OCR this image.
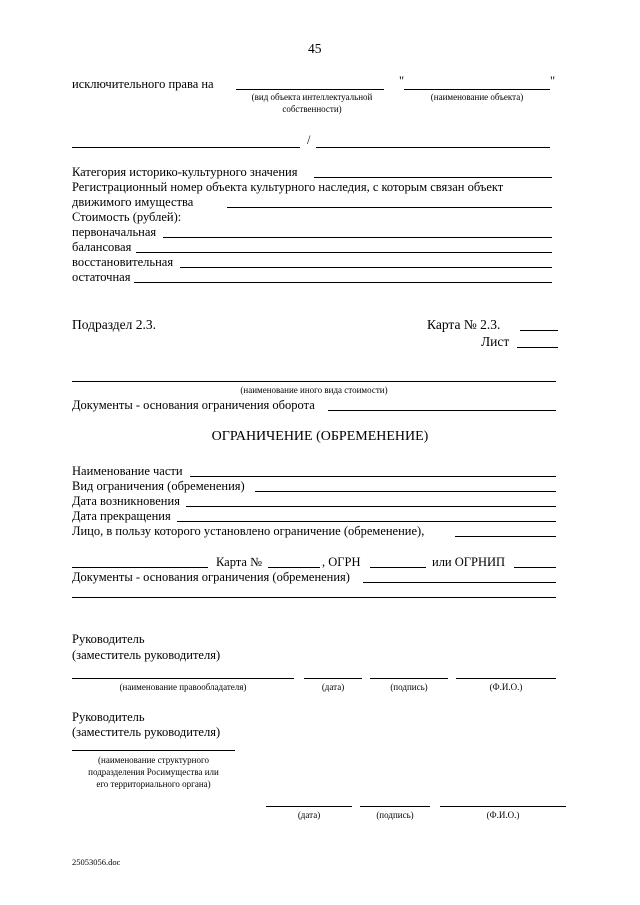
45
исключительного права на	"	"
(вид объекта интеллектуальной
собственности)
(наименование объекта)
/
Категория историко-культурного значения
Регистрационный номер объекта культурного наследия, с которым связан объект
движимого имущества
Стоимость (рублей):
первоначальная
балансовая
восстановительная
остаточная
Подраздел 2.3.	Карта № 2.3.
Лист
(наименование иного вида стоимости)
Документы - основания ограничения оборота
ОГРАНИЧЕНИЕ (ОБРЕМЕНЕНИЕ)
Наименование части
Вид ограничения (обременения)
Дата возникновения
Дата прекращения
Лицо, в пользу которого установлено ограничение (обременение),
Карта №	, ОГРН	или ОГРНИП
Документы - основания ограничения (обременения)
Руководитель
(заместитель руководителя)
(наименование правообладателя)	(дата)	(подпись)	(Ф.И.О.)
Руководитель
(заместитель руководителя)
(наименование структурного
подразделения Росимущества или
его территориального органа)
(дата)	(подпись)	(Ф.И.О.)
25053056.doc
